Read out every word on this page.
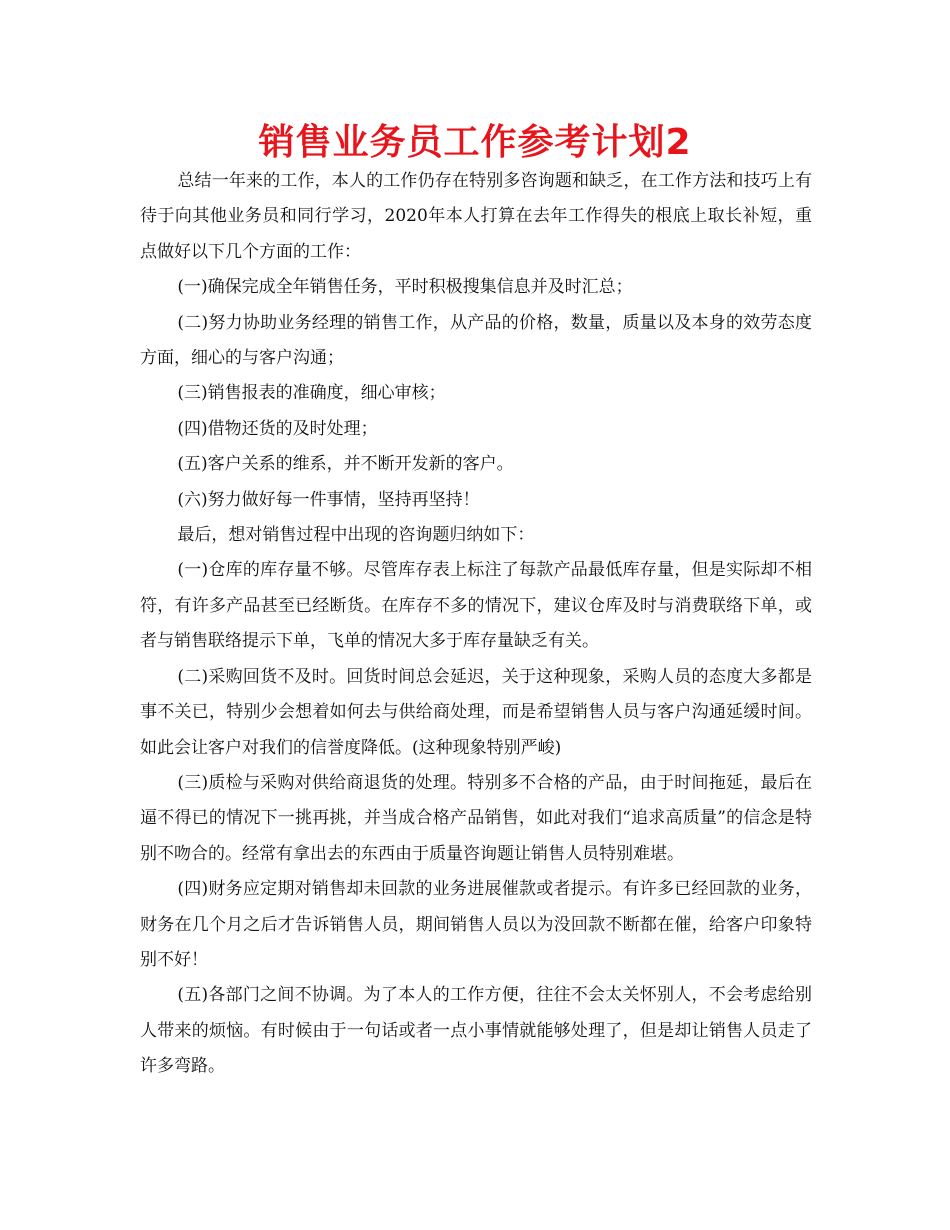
销售业务员工作参考计划2

总结一年来的工作，本人的工作仍存在特别多咨询题和缺乏，在工作方法和技巧上有待于向其他业务员和同行学习，2020年本人打算在去年工作得失的根底上取长补短，重点做好以下几个方面的工作：

(一)确保完成全年销售任务，平时积极搜集信息并及时汇总；

(二)努力协助业务经理的销售工作，从产品的价格，数量，质量以及本身的效劳态度方面，细心的与客户沟通；

(三)销售报表的准确度，细心审核；

(四)借物还货的及时处理；

(五)客户关系的维系，并不断开发新的客户。

(六)努力做好每一件事情，坚持再坚持！

最后，想对销售过程中出现的咨询题归纳如下：

(一)仓库的库存量不够。尽管库存表上标注了每款产品最低库存量，但是实际却不相符，有许多产品甚至已经断货。在库存不多的情况下，建议仓库及时与消费联络下单，或者与销售联络提示下单，飞单的情况大多于库存量缺乏有关。

(二)采购回货不及时。回货时间总会延迟，关于这种现象，采购人员的态度大多都是事不关已，特别少会想着如何去与供给商处理，而是希望销售人员与客户沟通延缓时间。如此会让客户对我们的信誉度降低。(这种现象特别严峻)

(三)质检与采购对供给商退货的处理。特别多不合格的产品，由于时间拖延，最后在逼不得已的情况下一挑再挑，并当成合格产品销售，如此对我们“追求高质量”的信念是特别不吻合的。经常有拿出去的东西由于质量咨询题让销售人员特别难堪。

(四)财务应定期对销售却未回款的业务进展催款或者提示。有许多已经回款的业务，财务在几个月之后才告诉销售人员，期间销售人员以为没回款不断都在催，给客户印象特别不好！

(五)各部门之间不协调。为了本人的工作方便，往往不会太关怀别人，不会考虑给别人带来的烦恼。有时候由于一句话或者一点小事情就能够处理了，但是却让销售人员走了许多弯路。
